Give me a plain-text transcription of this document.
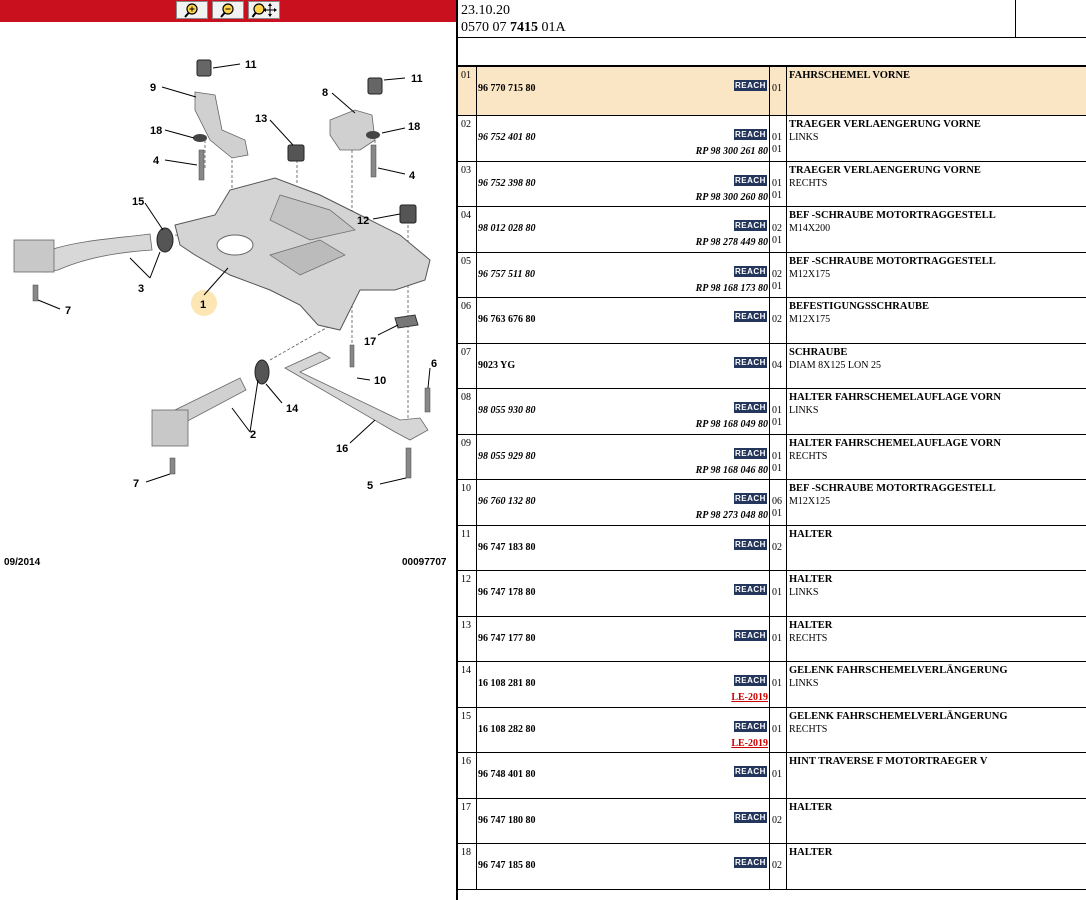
11
9
18
4
13
11
8
18
4
15
12
3
1
7
17
10
6
14
2
16
7	5
09/2014	00097707
23.10.20
0570 07 7415 01A
01
96 770 715 80	REACH 01
FAHRSCHEMEL VORNE
02
96 752 401 80	REACH 01
RP 98 300 261 80 01
TRAEGER VERLAENGERUNG VORNE
LINKS
03
96 752 398 80	REACH 01
RP 98 300 260 80 01
TRAEGER VERLAENGERUNG VORNE
RECHTS
04
98 012 028 80	REACH 02
RP 98 278 449 80 01
BEF -SCHRAUBE MOTORTRAGGESTELL
M14X200
05
96 757 511 80	REACH 02
RP 98 168 173 80 01
BEF -SCHRAUBE MOTORTRAGGESTELL
M12X175
06
96 763 676 80	REACH 02
BEFESTIGUNGSSCHRAUBE
M12X175
07
9023 YG	REACH 04
SCHRAUBE
DIAM 8X125 LON 25
08
98 055 930 80	REACH 01
RP 98 168 049 80 01
HALTER FAHRSCHEMELAUFLAGE VORN
LINKS
09
98 055 929 80	REACH 01
RP 98 168 046 80 01
HALTER FAHRSCHEMELAUFLAGE VORN
RECHTS
10
96 760 132 80	REACH 06
RP 98 273 048 80 01
BEF -SCHRAUBE MOTORTRAGGESTELL
M12X125
11
96 747 183 80	REACH 02
HALTER
12
96 747 178 80	REACH 01
HALTER
LINKS
13
96 747 177 80	REACH 01
HALTER
RECHTS
14
16 108 281 80	REACH 01
LE-2019
GELENK FAHRSCHEMELVERLÄNGERUNG
LINKS
15
16 108 282 80	REACH 01
LE-2019
GELENK FAHRSCHEMELVERLÄNGERUNG
RECHTS
16
96 748 401 80	REACH 01
HINT TRAVERSE F MOTORTRAEGER V
17
96 747 180 80	REACH 02
HALTER
18
96 747 185 80	REACH 02
HALTER
